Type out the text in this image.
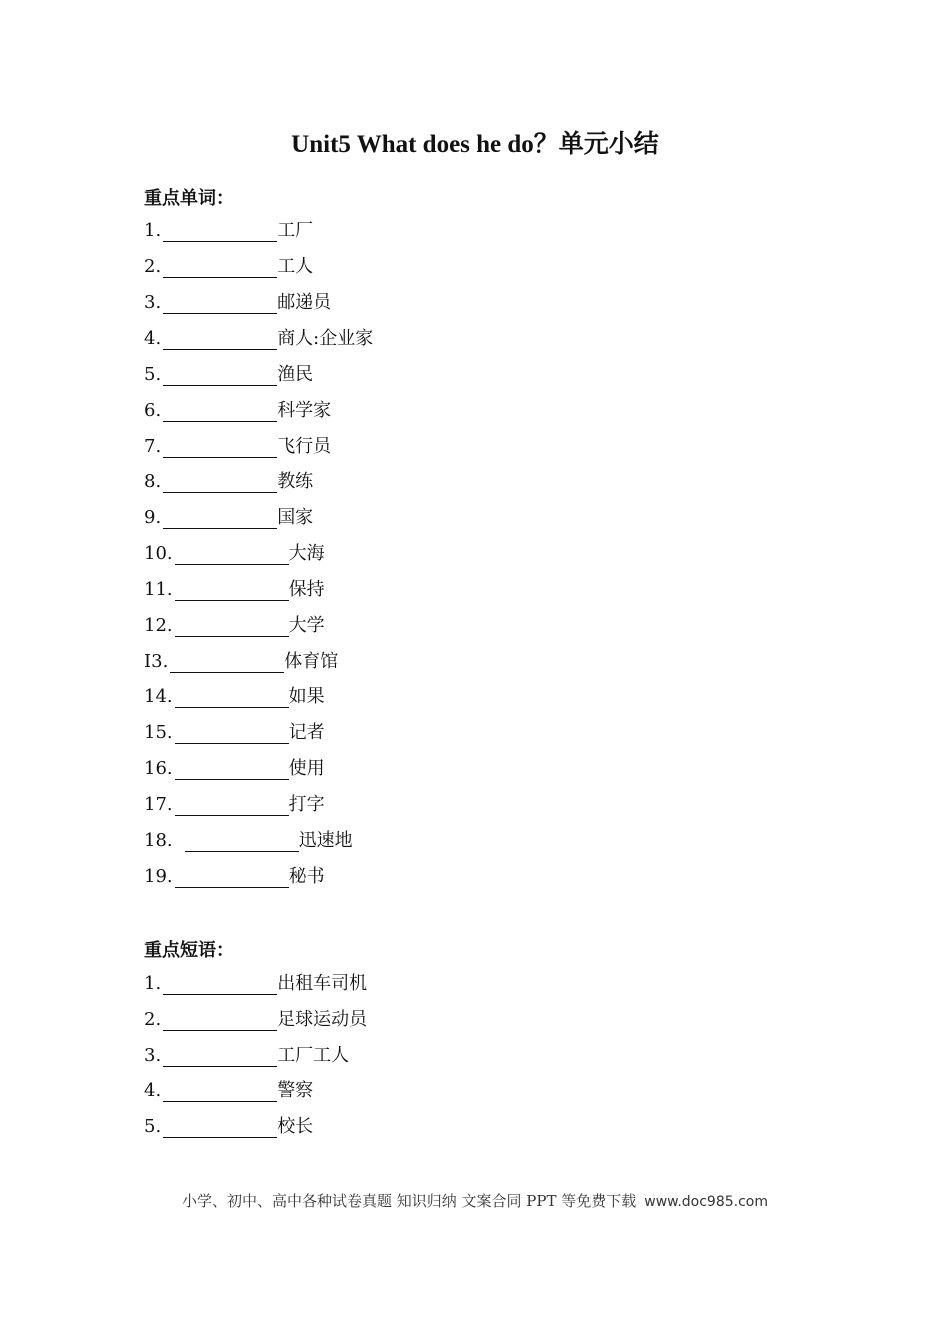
Unit5 What does he do？单元小结
重点单词：
1.	工厂
2.	工人
3.	邮递员
4.	商人:企业家
5.	渔民
6.	科学家
7.	飞行员
8.	教练
9.	国家
10.	大海
11.	保持
12.	大学
I3.	体育馆
14.	如果
15.	记者
16.	使用
17.	打字
18.	迅速地
19.	秘书
重点短语：
1.	出租车司机
2.	足球运动员
3.	工厂工人
4.	警察
5.	校长
小学、初中、高中各种试卷真题 知识归纳 文案合同 PPT 等免费下载 www.doc985.com
